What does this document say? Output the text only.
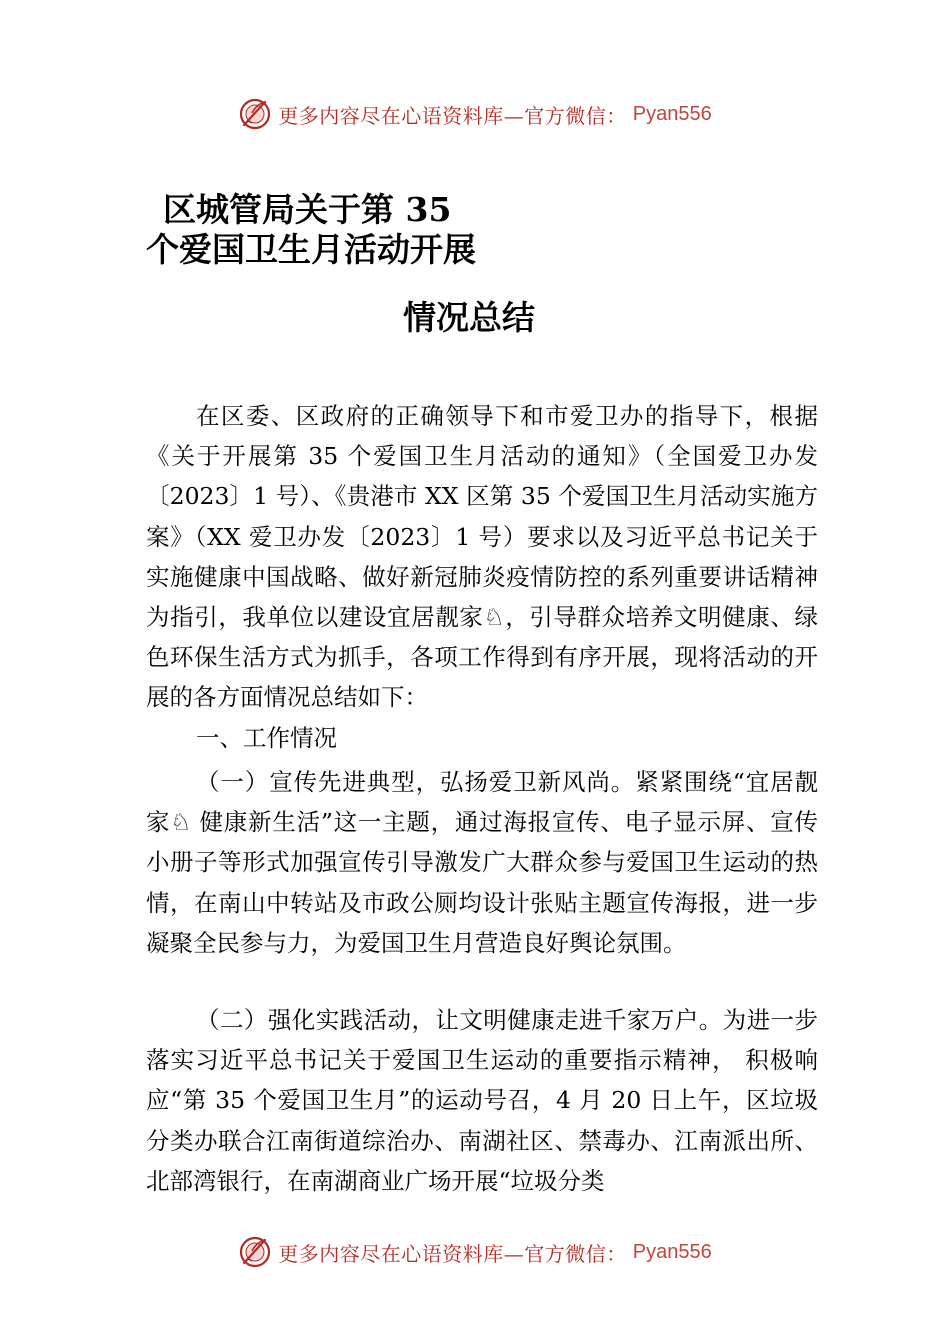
更多内容尽在心语资料库—官方微信： Pyan556
区城管局关于第 35
个爱国卫生月活动开展
情况总结

在区委、区政府的正确领导下和市爱卫办的指导下，根据《关于开展第 35 个爱国卫生月活动的通知》（全国爱卫办发〔2023〕1 号）、《贵港市 XX 区第 35 个爱国卫生月活动实施方案》（XX 爱卫办发〔2023〕1 号）要求以及习近平总书记关于实施健康中国战略、做好新冠肺炎疫情防控的系列重要讲话精神为指引，我单位以建设宜居靓家♘，引导群众培养文明健康、绿色环保生活方式为抓手，各项工作得到有序开展，现将活动的开展的各方面情况总结如下：

一、工作情况

（一）宣传先进典型，弘扬爱卫新风尚。紧紧围绕“宜居靓家♘ 健康新生活”这一主题，通过海报宣传、电子显示屏、宣传小册子等形式加强宣传引导激发广大群众参与爱国卫生运动的热情，在南山中转站及市政公厕均设计张贴主题宣传海报，进一步凝聚全民参与力，为爱国卫生月营造良好舆论氛围。

（二）强化实践活动，让文明健康走进千家万户。为进一步落实习近平总书记关于爱国卫生运动的重要指示精神， 积极响应“第 35 个爱国卫生月”的运动号召，4 月 20 日上午，区垃圾分类办联合江南街道综治办、南湖社区、禁毒办、江南派出所、北部湾银行，在南湖商业广场开展“垃圾分类

更多内容尽在心语资料库—官方微信： Pyan556
